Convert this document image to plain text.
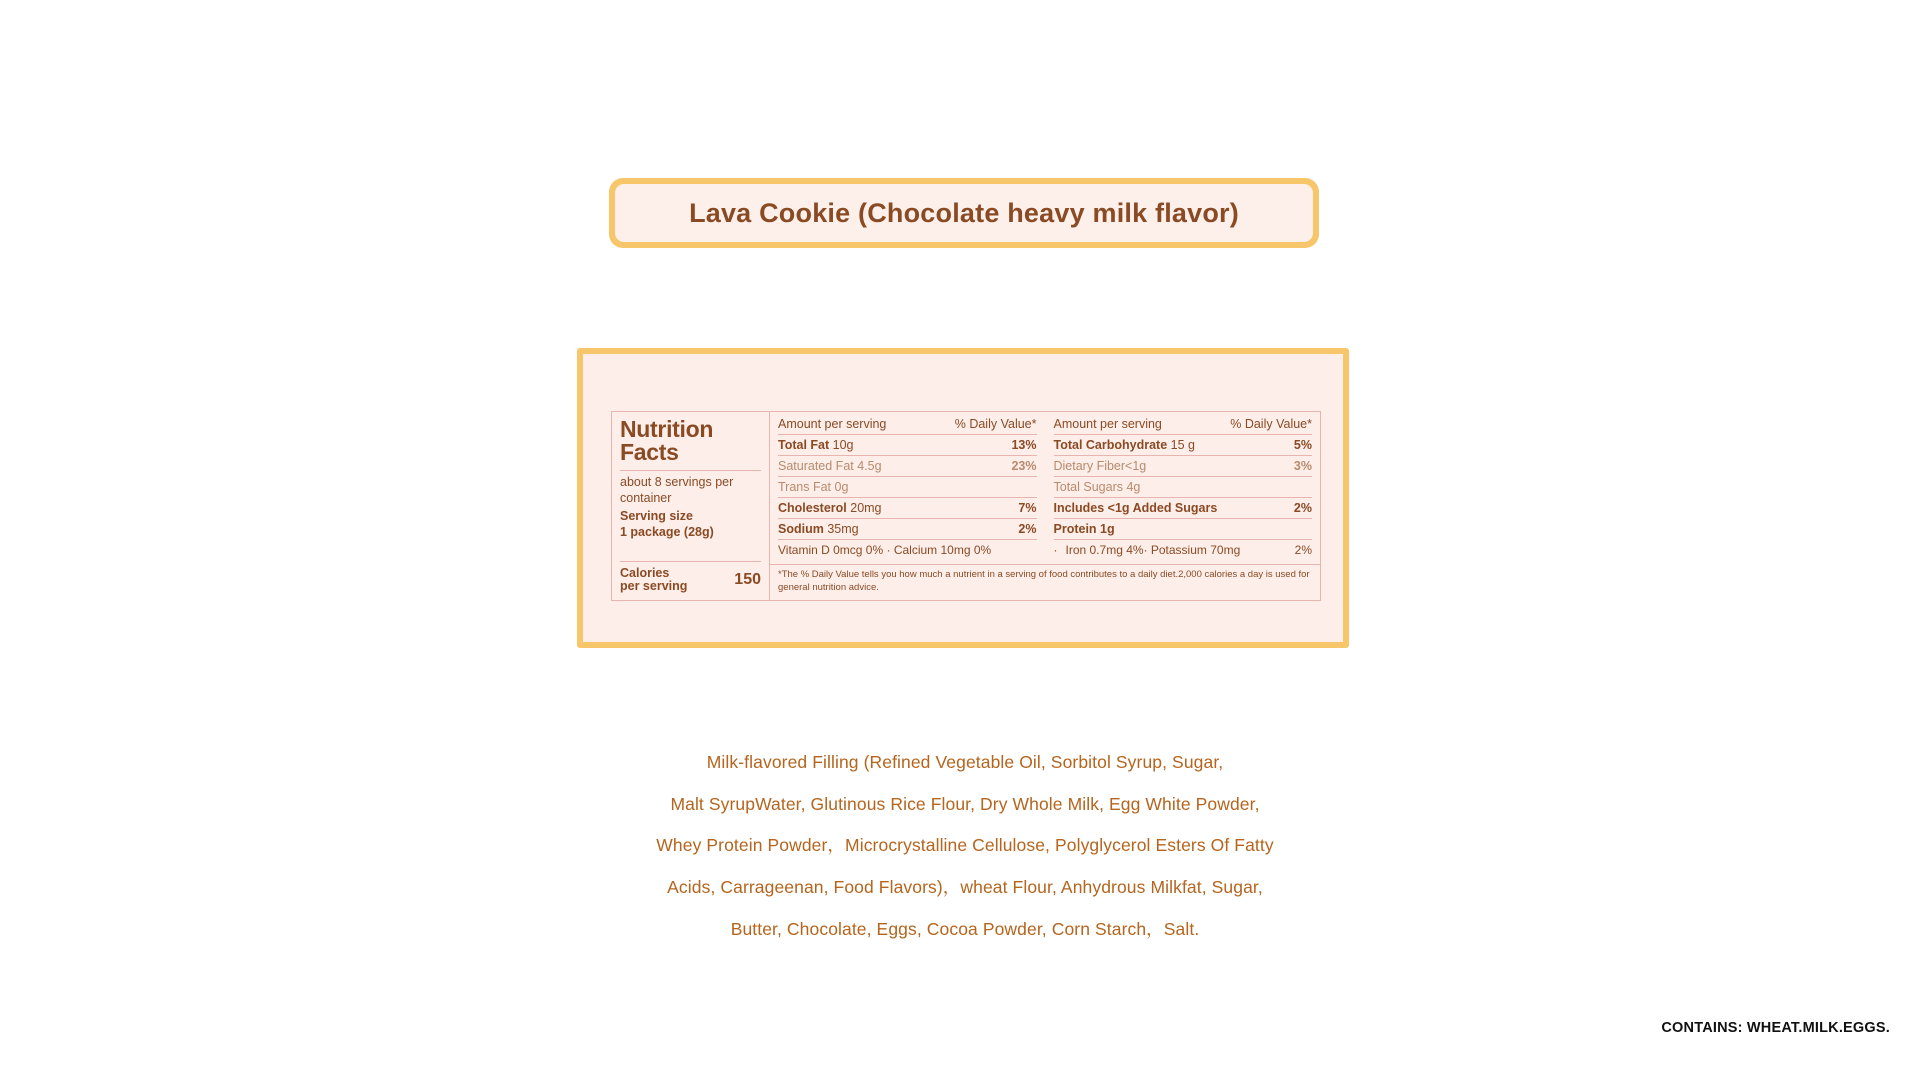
Lava Cookie (Chocolate heavy milk flavor)
Nutrition Facts
about 8 servings per container
Serving size
1 package (28g)
Calories
per serving	150
Amount per serving	% Daily Value*
Total Fat 10g	13%
Saturated Fat 4.5g	23%
Trans Fat 0g
Cholesterol 20mg	7%
Sodium 35mg	2%
Vitamin D 0mcg 0% · Calcium 10mg 0%
Amount per serving	% Daily Value*
Total Carbohydrate 15 g	5%
Dietary Fiber<1g	3%
Total Sugars 4g
Includes <1g Added Sugars	2%
Protein 1g
· Iron 0.7mg 4%· Potassium 70mg	2%
*The % Daily Value tells you how much a nutrient in a serving of food contributes to a daily diet.2,000 calories a day is used for general nutrition advice.
Milk-flavored Filling (Refined Vegetable Oil, Sorbitol Syrup, Sugar,
Malt SyrupWater, Glutinous Rice Flour, Dry Whole Milk, Egg White Powder,
Whey Protein Powder，Microcrystalline Cellulose, Polyglycerol Esters Of Fatty
Acids, Carrageenan, Food Flavors)，wheat Flour, Anhydrous Milkfat, Sugar,
Butter, Chocolate, Eggs, Cocoa Powder, Corn Starch，Salt.
CONTAINS: WHEAT.MILK.EGGS.
